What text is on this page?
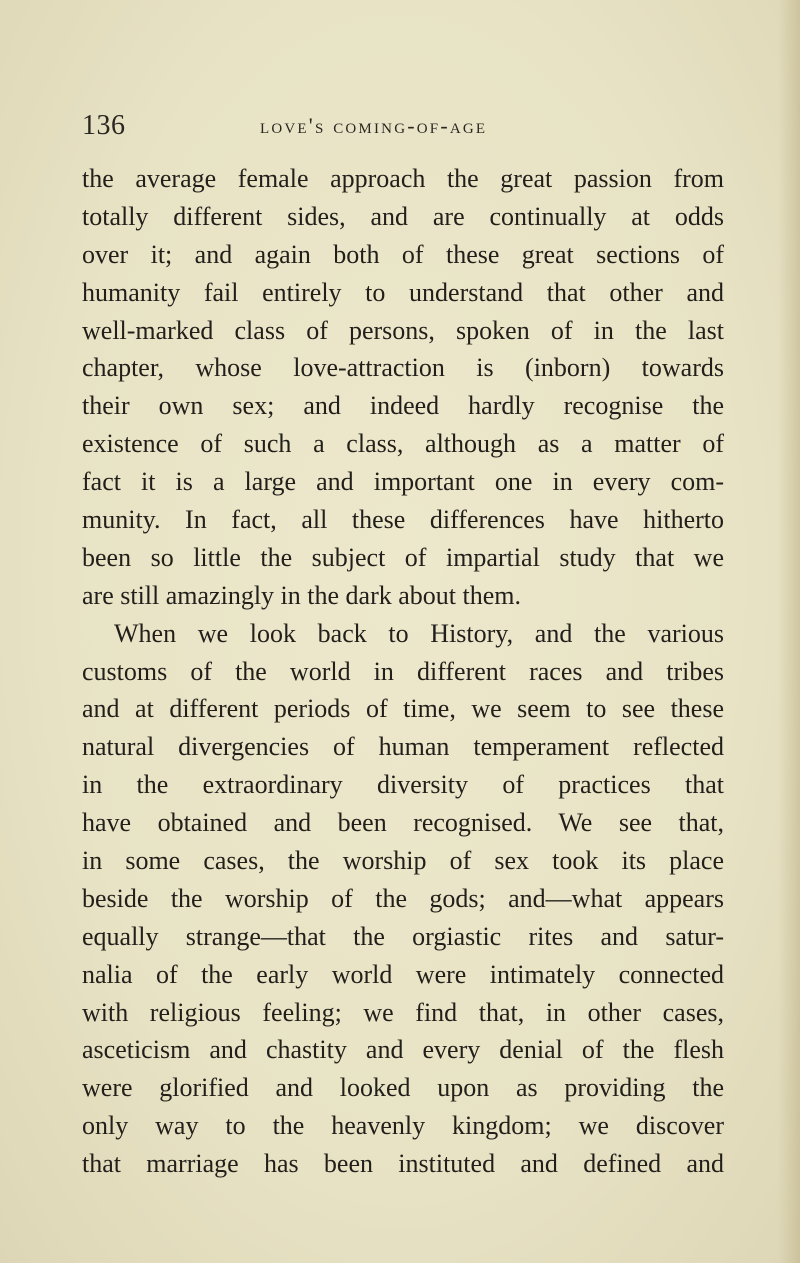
136	love's coming-of-age
the average female approach the great passion from
totally different sides, and are continually at odds
over it; and again both of these great sections of
humanity fail entirely to understand that other and
well-marked class of persons, spoken of in the last
chapter, whose love-attraction is (inborn) towards
their own sex; and indeed hardly recognise the
existence of such a class, although as a matter of
fact it is a large and important one in every com-
munity. In fact, all these differences have hitherto
been so little the subject of impartial study that we
are still amazingly in the dark about them.
When we look back to History, and the various
customs of the world in different races and tribes
and at different periods of time, we seem to see these
natural divergencies of human temperament reflected
in the extraordinary diversity of practices that
have obtained and been recognised. We see that,
in some cases, the worship of sex took its place
beside the worship of the gods; and—what appears
equally strange—that the orgiastic rites and satur-
nalia of the early world were intimately connected
with religious feeling; we find that, in other cases,
asceticism and chastity and every denial of the flesh
were glorified and looked upon as providing the
only way to the heavenly kingdom; we discover
that marriage has been instituted and defined and
